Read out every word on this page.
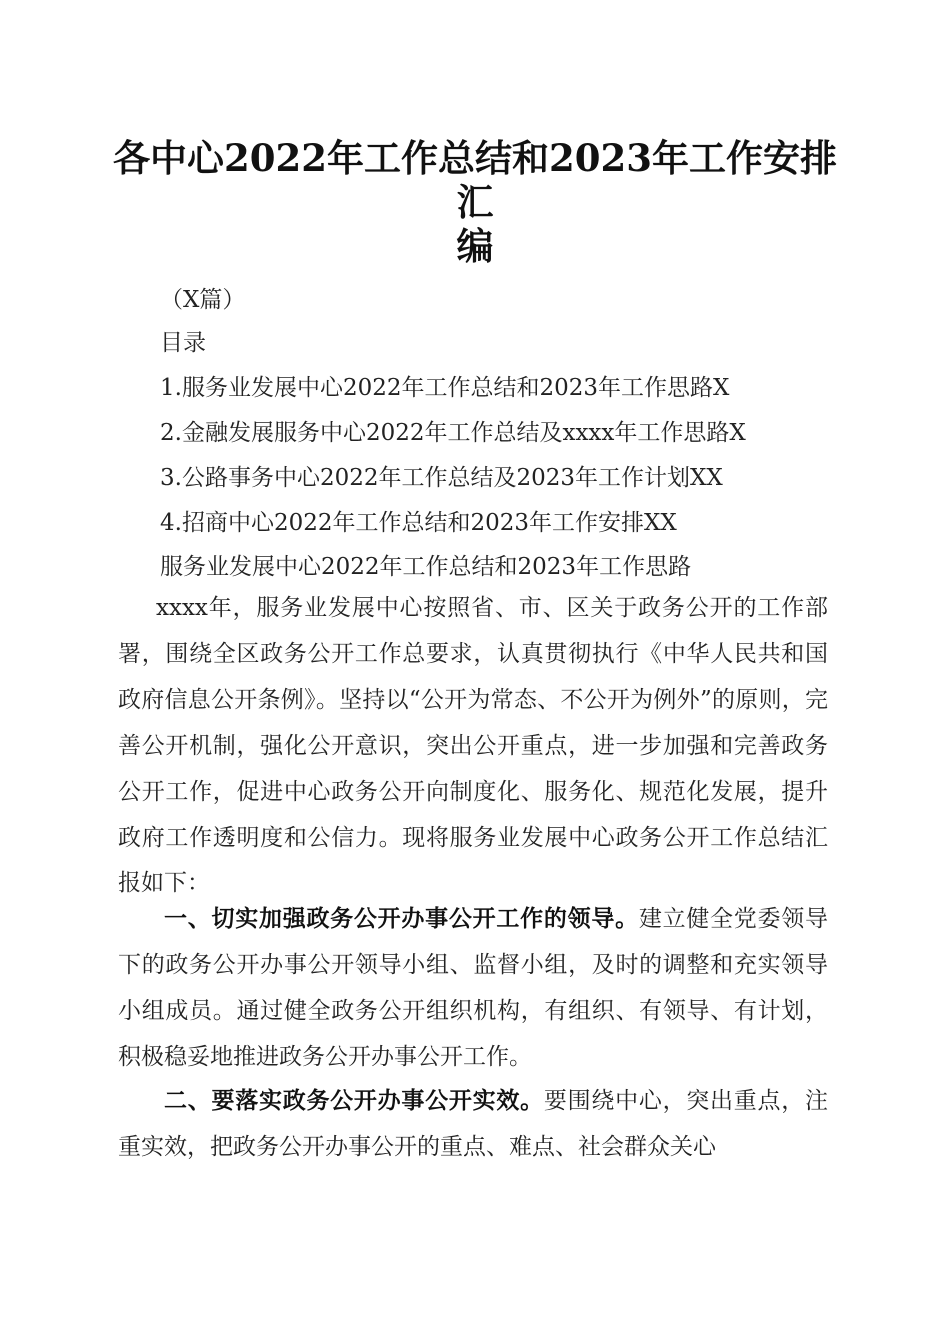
各中心2022年工作总结和2023年工作安排汇
编
（X篇）
目录
1.服务业发展中心2022年工作总结和2023年工作思路X
2.金融发展服务中心2022年工作总结及xxxx年工作思路X
3.公路事务中心2022年工作总结及2023年工作计划XX
4.招商中心2022年工作总结和2023年工作安排XX
服务业发展中心2022年工作总结和2023年工作思路
xxxx年，服务业发展中心按照省、市、区关于政务公开的工作部署，围绕全区政务公开工作总要求，认真贯彻执行《中华人民共和国政府信息公开条例》。坚持以“公开为常态、不公开为例外”的原则，完善公开机制，强化公开意识，突出公开重点，进一步加强和完善政务公开工作，促进中心政务公开向制度化、服务化、规范化发展，提升政府工作透明度和公信力。现将服务业发展中心政务公开工作总结汇报如下：
一、切实加强政务公开办事公开工作的领导。建立健全党委领导下的政务公开办事公开领导小组、监督小组，及时的调整和充实领导小组成员。通过健全政务公开组织机构，有组织、有领导、有计划，积极稳妥地推进政务公开办事公开工作。
二、要落实政务公开办事公开实效。要围绕中心，突出重点，注重实效，把政务公开办事公开的重点、难点、社会群众关心
